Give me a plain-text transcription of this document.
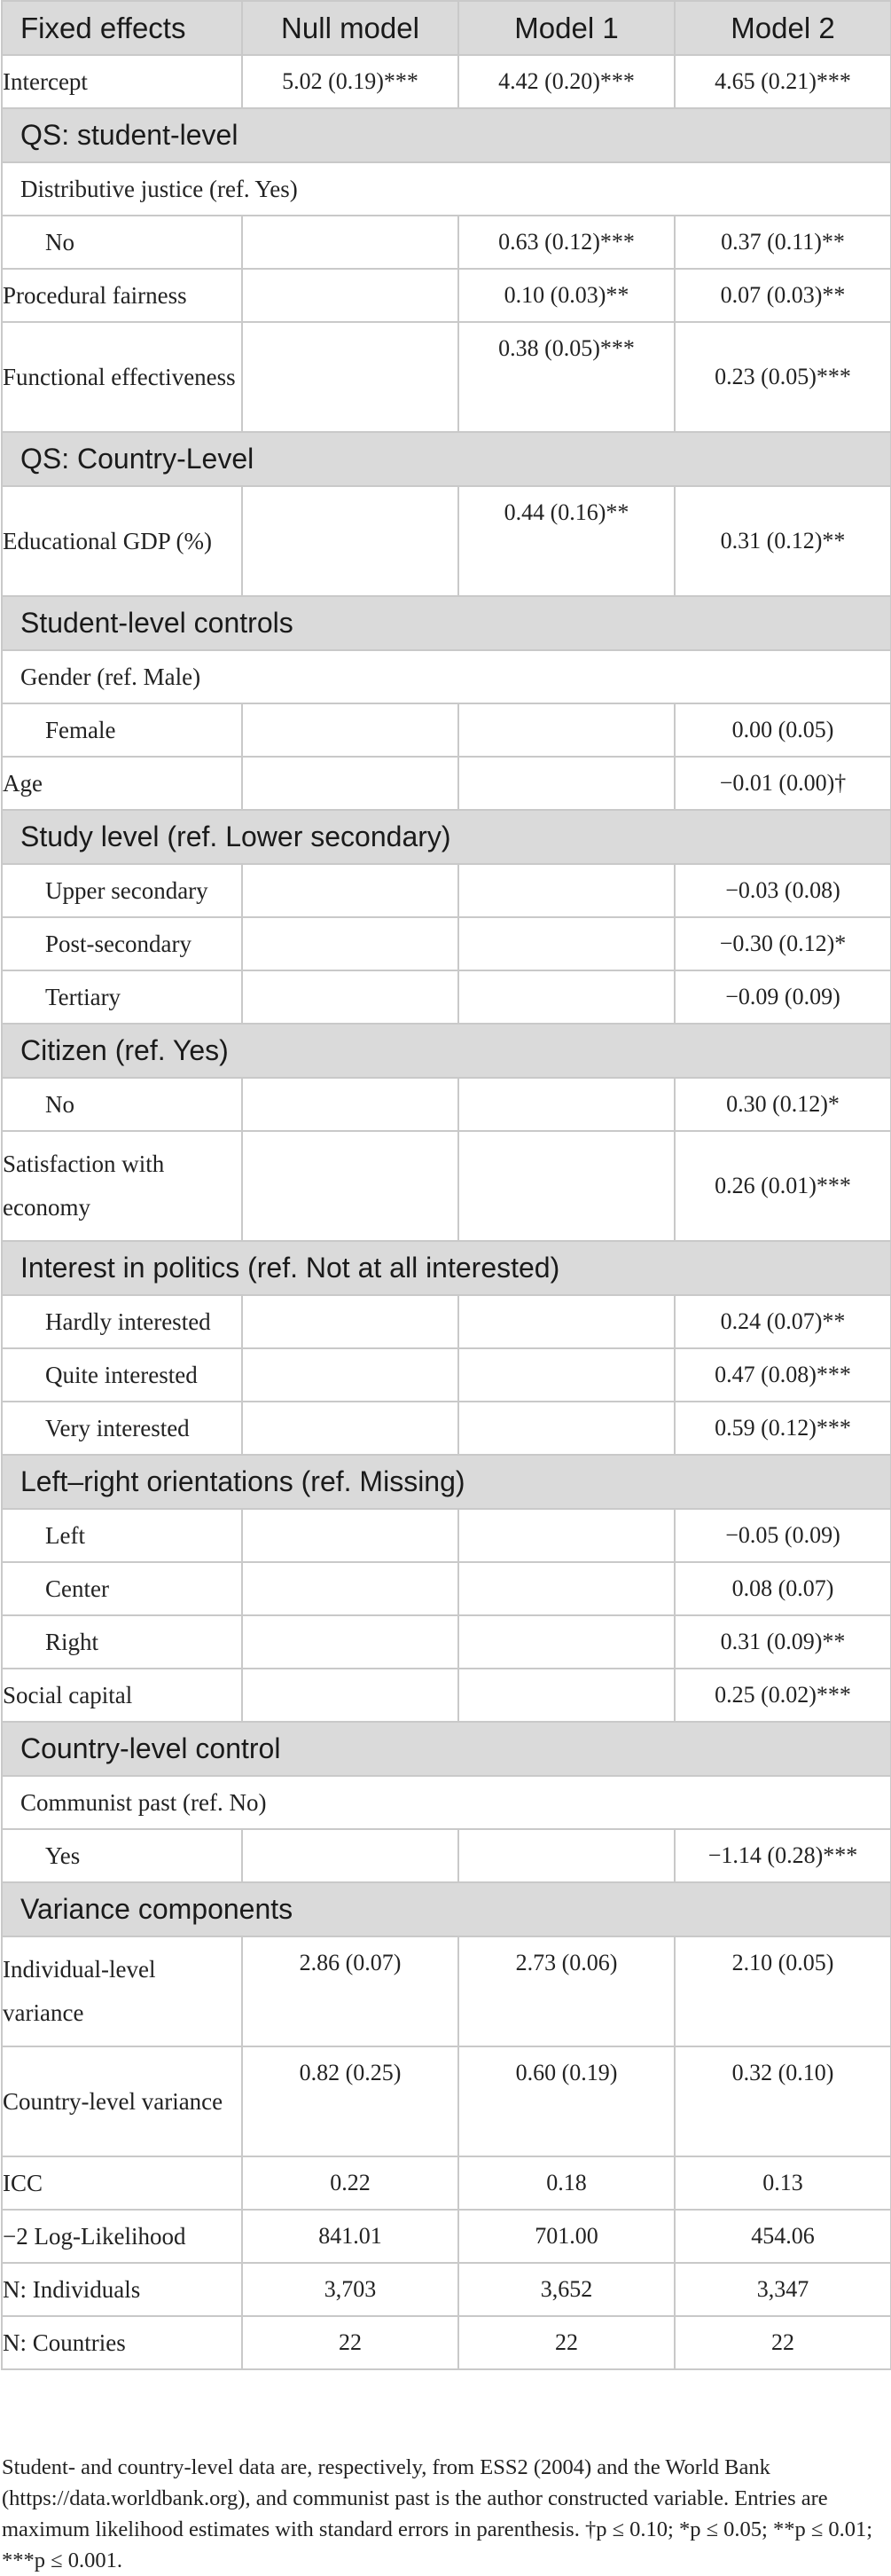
Fixed effects	Null model	Model 1	Model 2
Intercept	5.02 (0.19)***	4.42 (0.20)***	4.65 (0.21)***
QS: student-level			
Distributive justice (ref. Yes)			
No		0.63 (0.12)***	0.37 (0.11)**
Procedural fairness		0.10 (0.03)**	0.07 (0.03)**
Functional effectiveness		0.38 (0.05)***	0.23 (0.05)***
QS: Country-Level			
Educational GDP (%)		0.44 (0.16)**	0.31 (0.12)**
Student-level controls			
Gender (ref. Male)			
Female			0.00 (0.05)
Age			−0.01 (0.00)†
Study level (ref. Lower secondary)			
Upper secondary			−0.03 (0.08)
Post-secondary			−0.30 (0.12)*
Tertiary			−0.09 (0.09)
Citizen (ref. Yes)			
No			0.30 (0.12)*
Satisfaction with economy			0.26 (0.01)***
Interest in politics (ref. Not at all interested)			
Hardly interested			0.24 (0.07)**
Quite interested			0.47 (0.08)***
Very interested			0.59 (0.12)***
Left–right orientations (ref. Missing)			
Left			−0.05 (0.09)
Center			0.08 (0.07)
Right			0.31 (0.09)**
Social capital			0.25 (0.02)***
Country-level control			
Communist past (ref. No)			
Yes			−1.14 (0.28)***
Variance components			
Individual-level variance	2.86 (0.07)	2.73 (0.06)	2.10 (0.05)
Country-level variance	0.82 (0.25)	0.60 (0.19)	0.32 (0.10)
ICC	0.22	0.18	0.13
−2 Log-Likelihood	841.01	701.00	454.06
N: Individuals	3,703	3,652	3,347
N: Countries	22	22	22
Student- and country-level data are, respectively, from ESS2 (2004) and the World Bank (https://data.worldbank.org), and communist past is the author constructed variable. Entries are maximum likelihood estimates with standard errors in parenthesis. †p ≤ 0.10; *p ≤ 0.05; **p ≤ 0.01; ***p ≤ 0.001.
